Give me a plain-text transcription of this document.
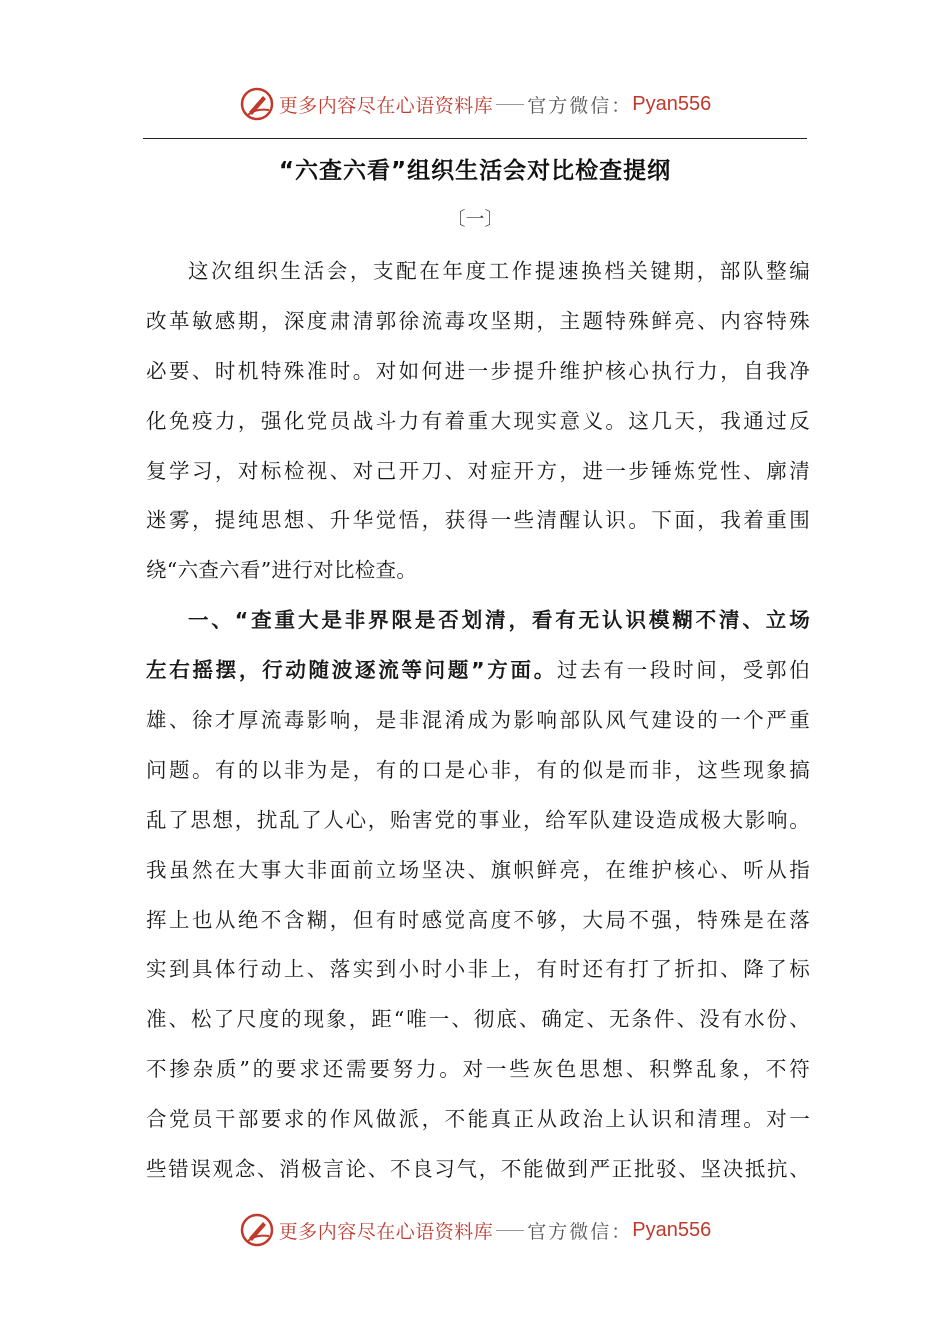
更多内容尽在心语资料库 官方微信： Pyan556
“六查六看”组织生活会对比检查提纲
〔一〕
这次组织生活会，支配在年度工作提速换档关键期，部队整编
改革敏感期，深度肃清郭徐流毒攻坚期，主题特殊鲜亮、内容特殊
必要、时机特殊准时。对如何进一步提升维护核心执行力，自我净
化免疫力，强化党员战斗力有着重大现实意义。这几天，我通过反
复学习，对标检视、对己开刀、对症开方，进一步锤炼党性、廓清
迷雾，提纯思想、升华觉悟，获得一些清醒认识。下面，我着重围
绕“六查六看”进行对比检查。
一、“查重大是非界限是否划清，看有无认识模糊不清、立场
左右摇摆，行动随波逐流等问题”方面。过去有一段时间，受郭伯
雄、徐才厚流毒影响，是非混淆成为影响部队风气建设的一个严重
问题。有的以非为是，有的口是心非，有的似是而非，这些现象搞
乱了思想，扰乱了人心，贻害党的事业，给军队建设造成极大影响。
我虽然在大事大非面前立场坚决、旗帜鲜亮，在维护核心、听从指
挥上也从绝不含糊，但有时感觉高度不够，大局不强，特殊是在落
实到具体行动上、落实到小时小非上，有时还有打了折扣、降了标
准、松了尺度的现象，距“唯一、彻底、确定、无条件、没有水份、
不掺杂质”的要求还需要努力。对一些灰色思想、积弊乱象，不符
合党员干部要求的作风做派，不能真正从政治上认识和清理。对一
些错误观念、消极言论、不良习气，不能做到严正批驳、坚决抵抗、
更多内容尽在心语资料库 官方微信： Pyan556
